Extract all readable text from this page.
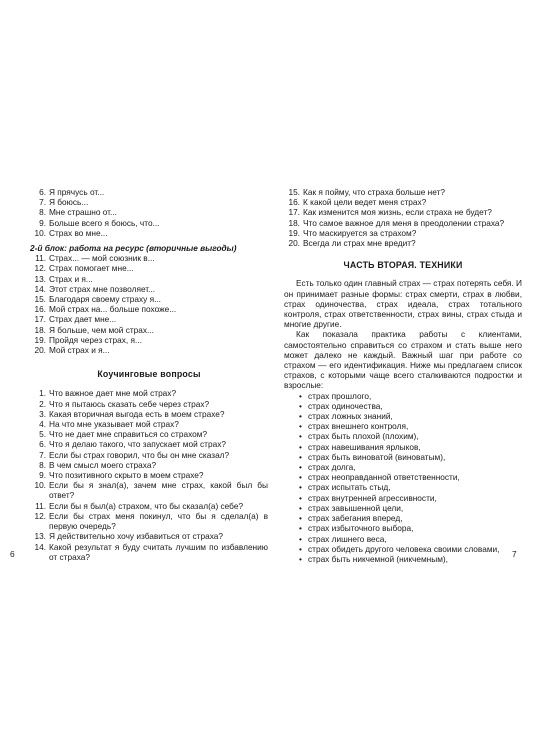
6. Я прячусь от...
7. Я боюсь...
8. Мне страшно от...
9. Больше всего я боюсь, что...
10. Страх во мне...
2-й блок: работа на ресурс (вторичные выгоды)
11. Страх... — мой союзник в...
12. Страх помогает мне...
13. Страх и я...
14. Этот страх мне позволяет...
15. Благодаря своему страху я...
16. Мой страх на... больше похоже...
17. Страх дает мне...
18. Я больше, чем мой страх...
19. Пройдя через страх, я...
20. Мой страх и я...
Коучинговые вопросы
1. Что важное дает мне мой страх?
2. Что я пытаюсь сказать себе через страх?
3. Какая вторичная выгода есть в моем страхе?
4. На что мне указывает мой страх?
5. Что не дает мне справиться со страхом?
6. Что я делаю такого, что запускает мой страх?
7. Если бы страх говорил, что бы он мне сказал?
8. В чем смысл моего страха?
9. Что позитивного скрыто в моем страхе?
10. Если бы я знал(а), зачем мне страх, какой был бы ответ?
11. Если бы я был(а) страхом, что бы сказал(а) себе?
12. Если бы страх меня покинул, что бы я сделал(а) в первую очередь?
13. Я действительно хочу избавиться от страха?
14. Какой результат я буду считать лучшим по избавлению от страха?
15. Как я пойму, что страха больше нет?
16. К какой цели ведет меня страх?
17. Как изменится моя жизнь, если страха не будет?
18. Что самое важное для меня в преодолении страха?
19. Что маскируется за страхом?
20. Всегда ли страх мне вредит?
ЧАСТЬ ВТОРАЯ. ТЕХНИКИ
Есть только один главный страх — страх потерять себя. И он принимает разные формы: страх смерти, страх в любви, страх одиночества, страх идеала, страх тотального контроля, страх ответственности, страх вины, страх стыда и многие другие.
Как показала практика работы с клиентами, самостоятельно справиться со страхом и стать выше него может далеко не каждый. Важный шаг при работе со страхом — его идентификация. Ниже мы предлагаем список страхов, с которыми чаще всего сталкиваются подростки и взрослые:
• страх прошлого,
• страх одиночества,
• страх ложных знаний,
• страх внешнего контроля,
• страх быть плохой (плохим),
• страх навешивания ярлыков,
• страх быть виноватой (виноватым),
• страх долга,
• страх неоправданной ответственности,
• страх испытать стыд,
• страх внутренней агрессивности,
• страх завышенной цели,
• страх забегания вперед,
• страх избыточного выбора,
• страх лишнего веса,
• страх обидеть другого человека своими словами,
• страх быть никчемной (никчемным),
6	7
